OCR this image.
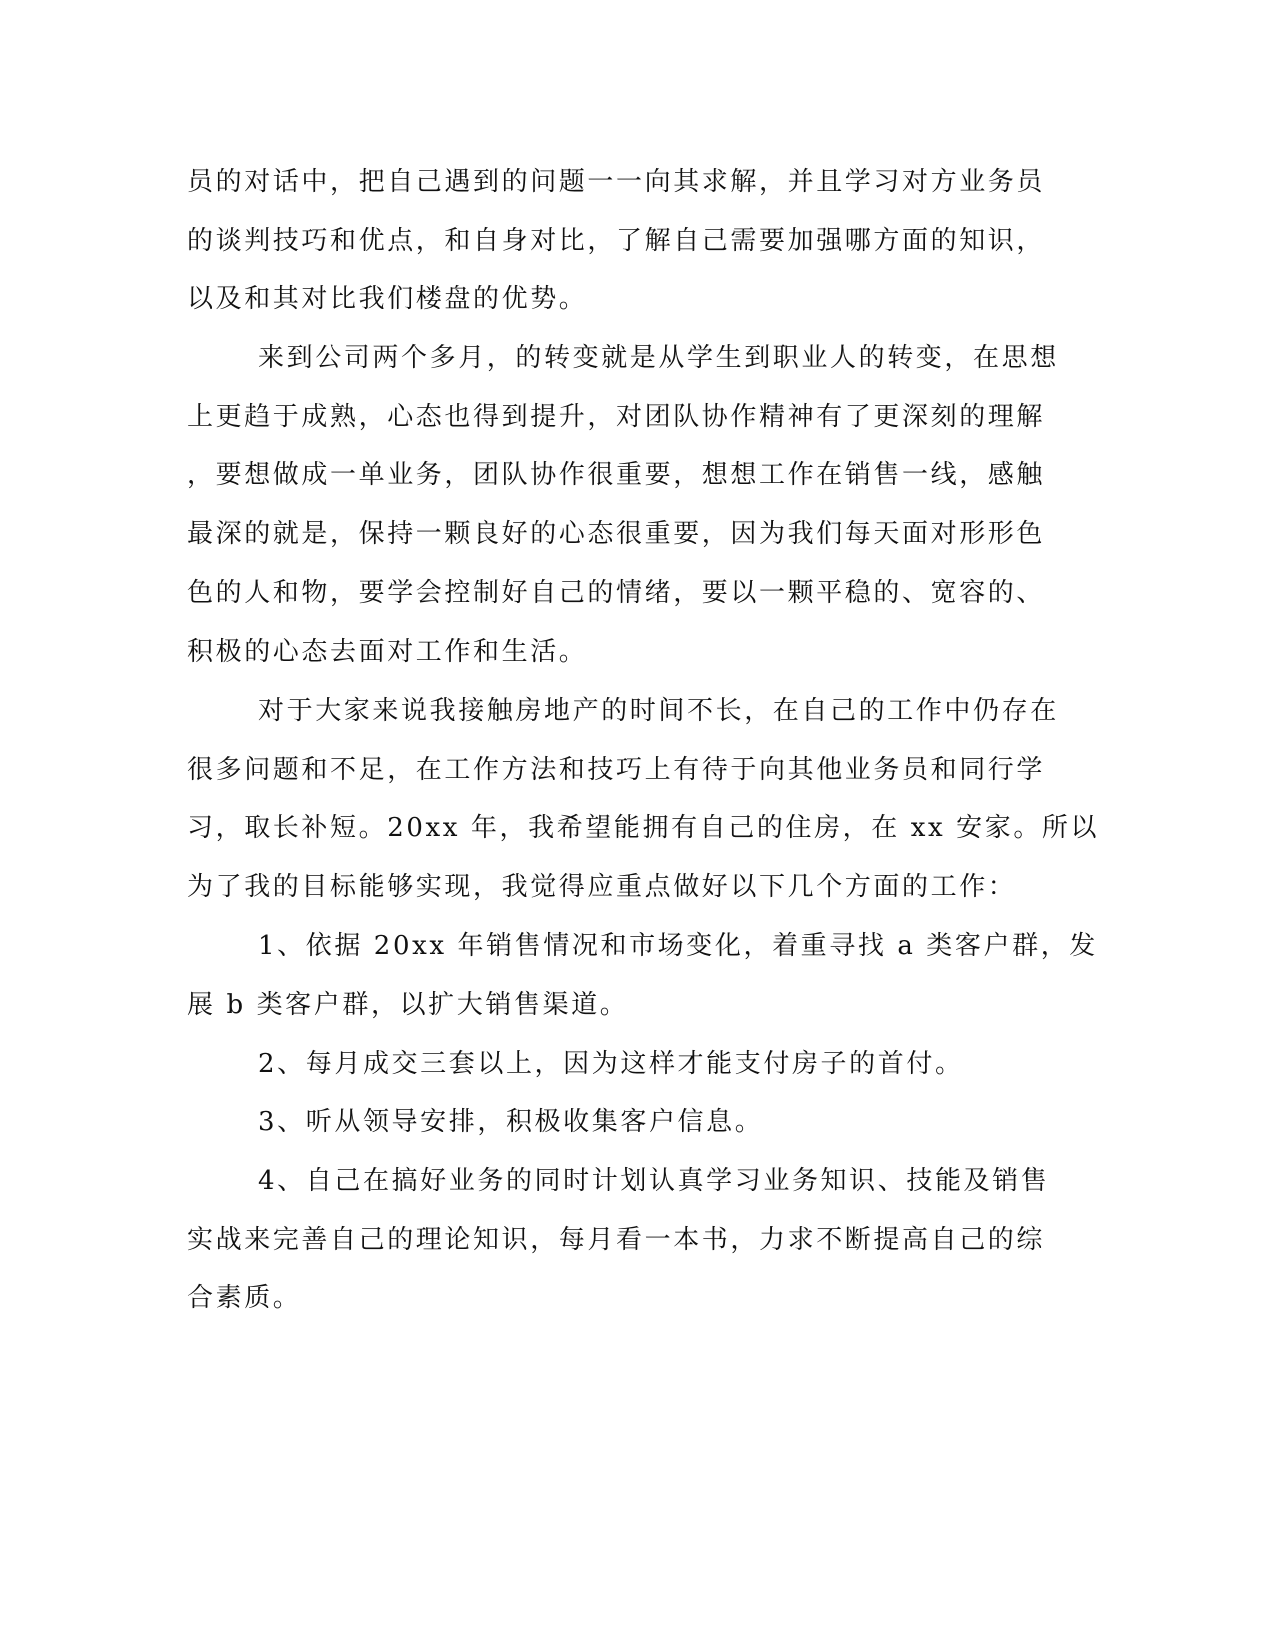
员的对话中，把自己遇到的问题一一向其求解，并且学习对方业务员
的谈判技巧和优点，和自身对比，了解自己需要加强哪方面的知识，
以及和其对比我们楼盘的优势。
来到公司两个多月，的转变就是从学生到职业人的转变，在思想
上更趋于成熟，心态也得到提升，对团队协作精神有了更深刻的理解
，要想做成一单业务，团队协作很重要，想想工作在销售一线，感触
最深的就是，保持一颗良好的心态很重要，因为我们每天面对形形色
色的人和物，要学会控制好自己的情绪，要以一颗平稳的、宽容的、
积极的心态去面对工作和生活。
对于大家来说我接触房地产的时间不长，在自己的工作中仍存在
很多问题和不足，在工作方法和技巧上有待于向其他业务员和同行学
习，取长补短。20xx 年，我希望能拥有自己的住房，在 xx 安家。所以
为了我的目标能够实现，我觉得应重点做好以下几个方面的工作：
1、依据 20xx 年销售情况和市场变化，着重寻找 a 类客户群，发
展 b 类客户群，以扩大销售渠道。
2、每月成交三套以上，因为这样才能支付房子的首付。
3、听从领导安排，积极收集客户信息。
4、自己在搞好业务的同时计划认真学习业务知识、技能及销售
实战来完善自己的理论知识，每月看一本书，力求不断提高自己的综
合素质。
